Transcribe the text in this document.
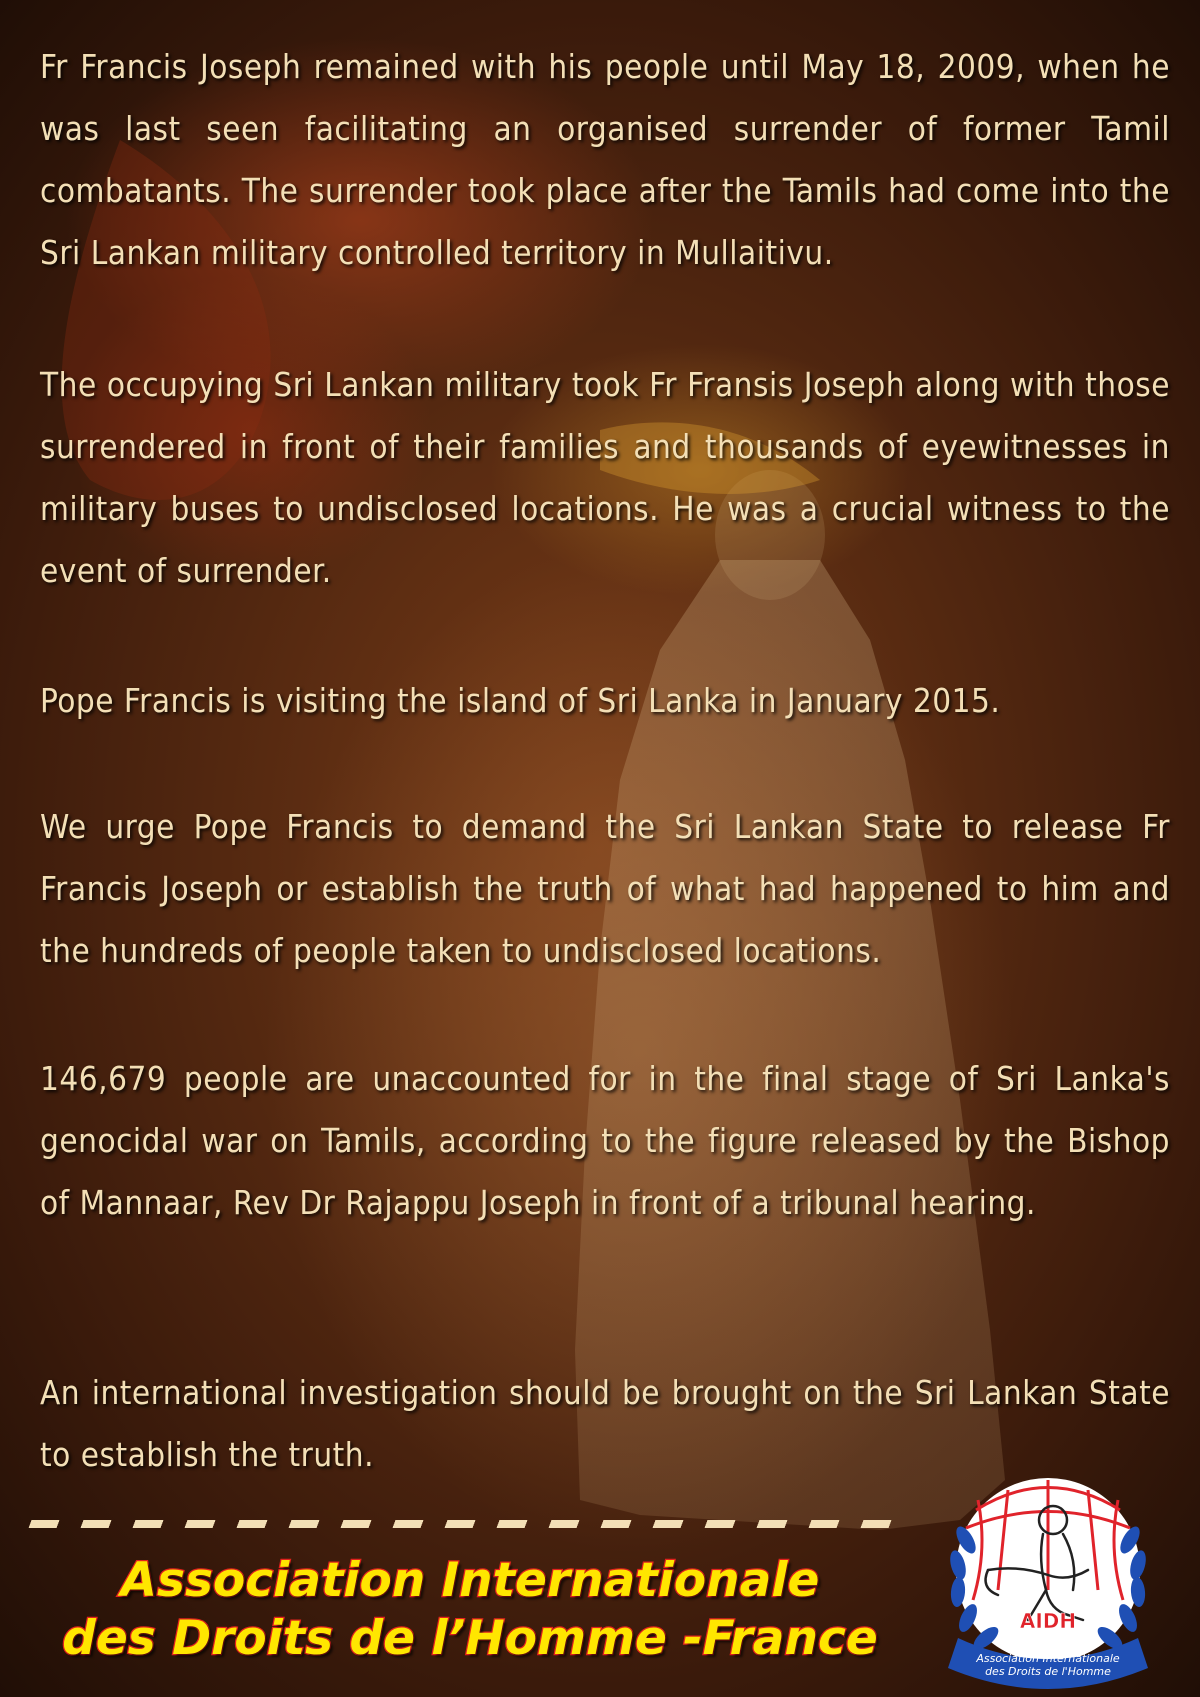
Fr Francis Joseph remained with his people until May 18, 2009, when he was last seen facilitating an organised surrender of former Tamil combatants. The surrender took place after the Tamils had come into the Sri Lankan military controlled territory in Mullaitivu.

The occupying Sri Lankan military took Fr Fransis Joseph along with those surrendered in front of their families and thousands of eyewitnesses in military buses to undisclosed locations. He was a crucial witness to the event of surrender.

Pope Francis is visiting the island of Sri Lanka in January 2015.

We urge Pope Francis to demand the Sri Lankan State to release Fr Francis Joseph or establish the truth of what had happened to him and the hundreds of people taken to undisclosed locations.

146,679 people are unaccounted for in the final stage of Sri Lanka's genocidal war on Tamils, according to the figure released by the Bishop of Mannaar, Rev Dr Rajappu Joseph in front of a tribunal hearing.

An international investigation should be brought on the Sri Lankan State to establish the truth.

Association Internationale
des Droits de l’Homme -France	AIDH
Association Internationale
des Droits de l'Homme
